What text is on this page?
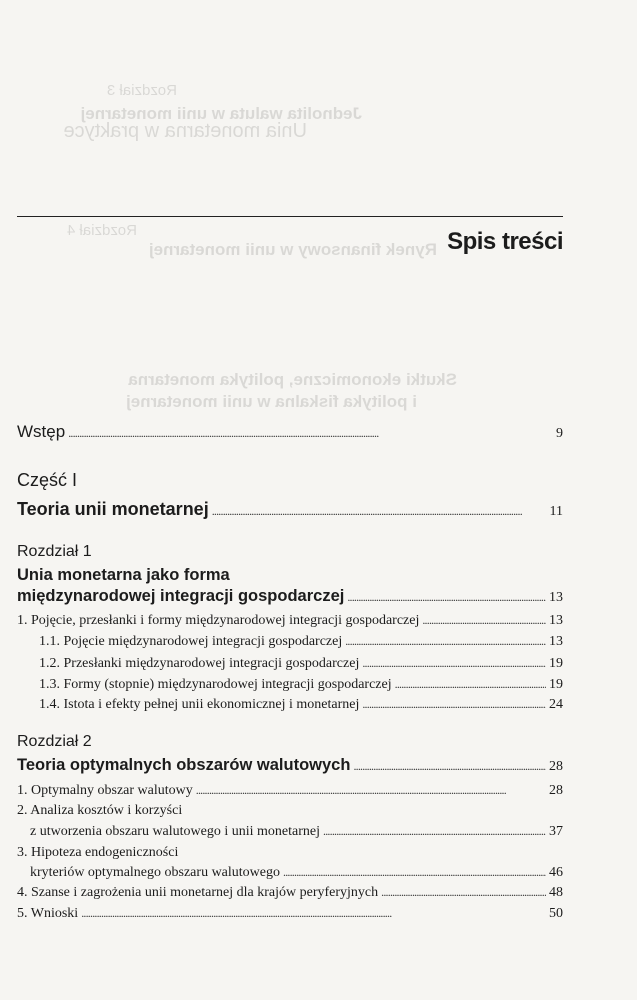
Rozdział 3
Jednolita waluta w unii monetarnej
Unia monetarna w praktyce
Rozdział 4
Rynek finansowy w unii monetarnej
Skutki ekonomiczne, polityka monetarna
i polityka fiskalna w unii monetarnej
Spis treści
Wstęp . . .	9
Część I
Teoria unii monetarnej . . .	11
Rozdział 1
Unia monetarna jako forma
międzynarodowej integracji gospodarczej . . .	13
1. Pojęcie, przesłanki i formy międzynarodowej integracji gospodarczej . . .	13
1.1. Pojęcie międzynarodowej integracji gospodarczej . . .	13
1.2. Przesłanki międzynarodowej integracji gospodarczej . . .	19
1.3. Formy (stopnie) międzynarodowej integracji gospodarczej . . .	19
1.4. Istota i efekty pełnej unii ekonomicznej i monetarnej . . .	24
Rozdział 2
Teoria optymalnych obszarów walutowych . . .	28
1. Optymalny obszar walutowy . . .	28
2. Analiza kosztów i korzyści
z utworzenia obszaru walutowego i unii monetarnej . . .	37
3. Hipoteza endogeniczności
kryteriów optymalnego obszaru walutowego . . .	46
4. Szanse i zagrożenia unii monetarnej dla krajów peryferyjnych . . .	48
5. Wnioski . . .	50
